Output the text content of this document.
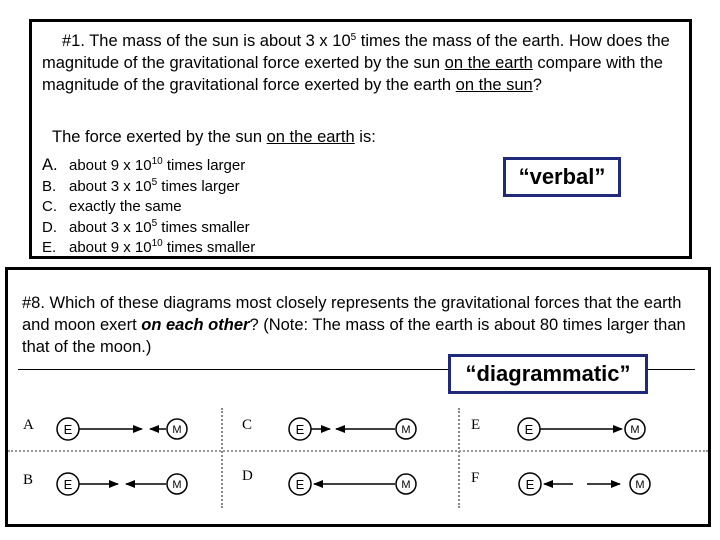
#1. The mass of the sun is about 3 x $10^5$ times the mass of the earth. How does the magnitude of the gravitational force exerted by the sun on the earth compare with the magnitude of the gravitational force exerted by the earth on the sun?
The force exerted by the sun on the earth is:
A. about 9 x $10^{10}$ times larger
B. about 3 x $10^5$ times larger
C. exactly the same
D. about 3 x $10^5$ times smaller
E. about 9 x $10^{10}$ times smaller
“verbal”
#8. Which of these diagrams most closely represents the gravitational forces that the earth and moon exert on each other? (Note: The mass of the earth is about 80 times larger than that of the moon.)
“diagrammatic”
A	C	E
B	D	F
E	M	E	M	E	M
E	M	E	M	E	M
